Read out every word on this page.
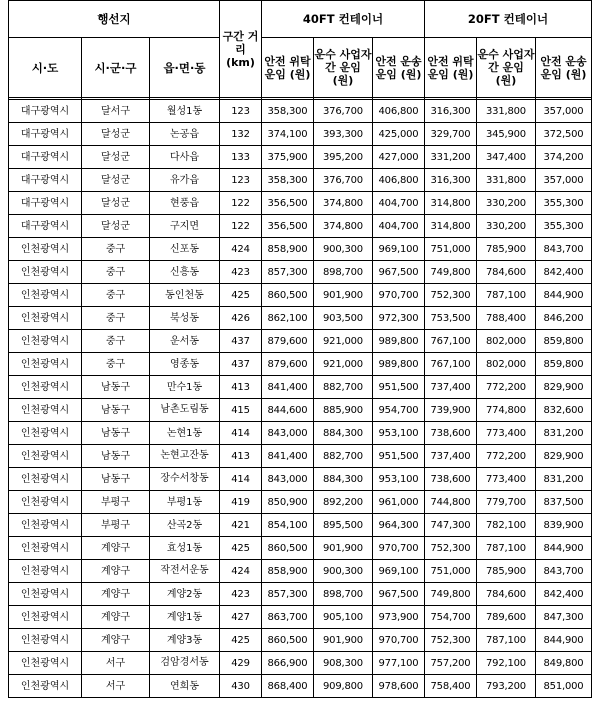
행선지			구간 거리 (km)	40FT 컨테이너			20FT 컨테이너		
시·도	시·군·구	읍·면·동		안전 위탁 운임 (원)	운수 사업자 간 운임 (원)	안전 운송 운임 (원)	안전 위탁 운임 (원)	운수 사업자 간 운임 (원)	안전 운송 운임 (원)

대구광역시	달서구	월성1동	123	358,300	376,700	406,800	316,300	331,800	357,000
대구광역시	달성군	논공읍	132	374,100	393,300	425,000	329,700	345,900	372,500
대구광역시	달성군	다사읍	133	375,900	395,200	427,000	331,200	347,400	374,200
대구광역시	달성군	유가읍	123	358,300	376,700	406,800	316,300	331,800	357,000
대구광역시	달성군	현풍읍	122	356,500	374,800	404,700	314,800	330,200	355,300
대구광역시	달성군	구지면	122	356,500	374,800	404,700	314,800	330,200	355,300
인천광역시	중구	신포동	424	858,900	900,300	969,100	751,000	785,900	843,700
인천광역시	중구	신흥동	423	857,300	898,700	967,500	749,800	784,600	842,400
인천광역시	중구	동인천동	425	860,500	901,900	970,700	752,300	787,100	844,900
인천광역시	중구	북성동	426	862,100	903,500	972,300	753,500	788,400	846,200
인천광역시	중구	운서동	437	879,600	921,000	989,800	767,100	802,000	859,800
인천광역시	중구	영종동	437	879,600	921,000	989,800	767,100	802,000	859,800
인천광역시	남동구	만수1동	413	841,400	882,700	951,500	737,400	772,200	829,900
인천광역시	남동구	남촌도림동	415	844,600	885,900	954,700	739,900	774,800	832,600
인천광역시	남동구	논현1동	414	843,000	884,300	953,100	738,600	773,400	831,200
인천광역시	남동구	논현고잔동	413	841,400	882,700	951,500	737,400	772,200	829,900
인천광역시	남동구	장수서창동	414	843,000	884,300	953,100	738,600	773,400	831,200
인천광역시	부평구	부평1동	419	850,900	892,200	961,000	744,800	779,700	837,500
인천광역시	부평구	산곡2동	421	854,100	895,500	964,300	747,300	782,100	839,900
인천광역시	계양구	효성1동	425	860,500	901,900	970,700	752,300	787,100	844,900
인천광역시	계양구	작전서운동	424	858,900	900,300	969,100	751,000	785,900	843,700
인천광역시	계양구	계양2동	423	857,300	898,700	967,500	749,800	784,600	842,400
인천광역시	계양구	계양1동	427	863,700	905,100	973,900	754,700	789,600	847,300
인천광역시	계양구	계양3동	425	860,500	901,900	970,700	752,300	787,100	844,900
인천광역시	서구	검암경서동	429	866,900	908,300	977,100	757,200	792,100	849,800
인천광역시	서구	연희동	430	868,400	909,800	978,600	758,400	793,200	851,000
